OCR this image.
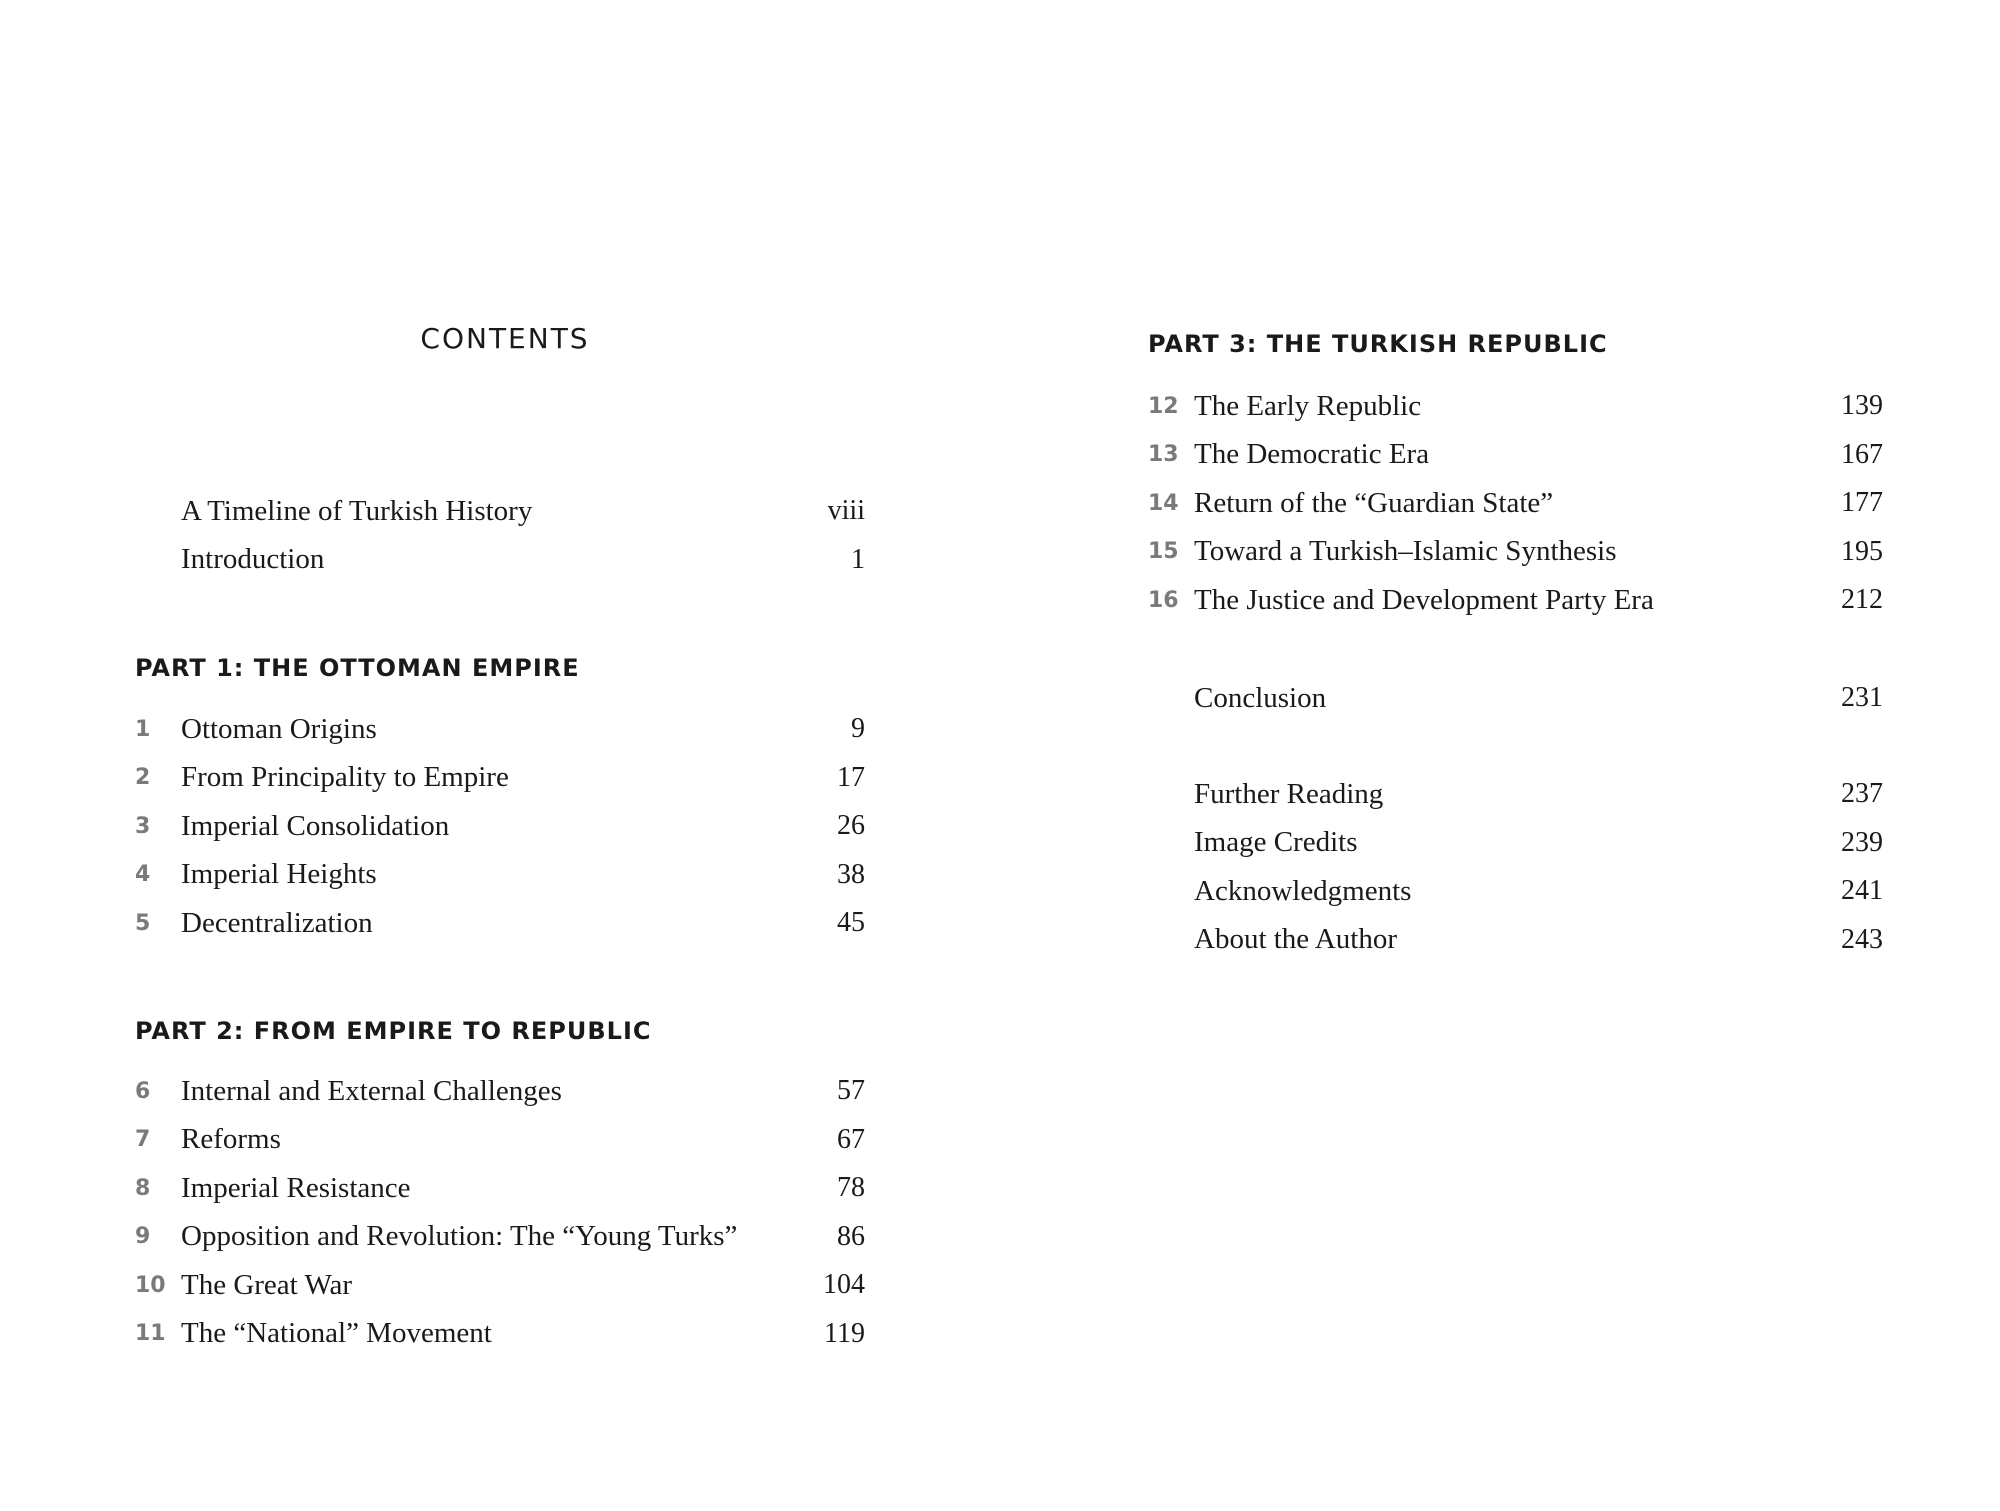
CONTENTS
A Timeline of Turkish History	viii
Introduction	1
PART 1: THE OTTOMAN EMPIRE
1	Ottoman Origins	9
2	From Principality to Empire	17
3	Imperial Consolidation	26
4	Imperial Heights	38
5	Decentralization	45
PART 2: FROM EMPIRE TO REPUBLIC
6	Internal and External Challenges	57
7	Reforms	67
8	Imperial Resistance	78
9	Opposition and Revolution: The “Young Turks”	86
10 The Great War	104
11 The “National” Movement	119
PART 3: THE TURKISH REPUBLIC
12 The Early Republic	139
13 The Democratic Era	167
14 Return of the “Guardian State”	177
15 Toward a Turkish–Islamic Synthesis	195
16 The Justice and Development Party Era	212
Conclusion	231
Further Reading	237
Image Credits	239
Acknowledgments	241
About the Author	243
